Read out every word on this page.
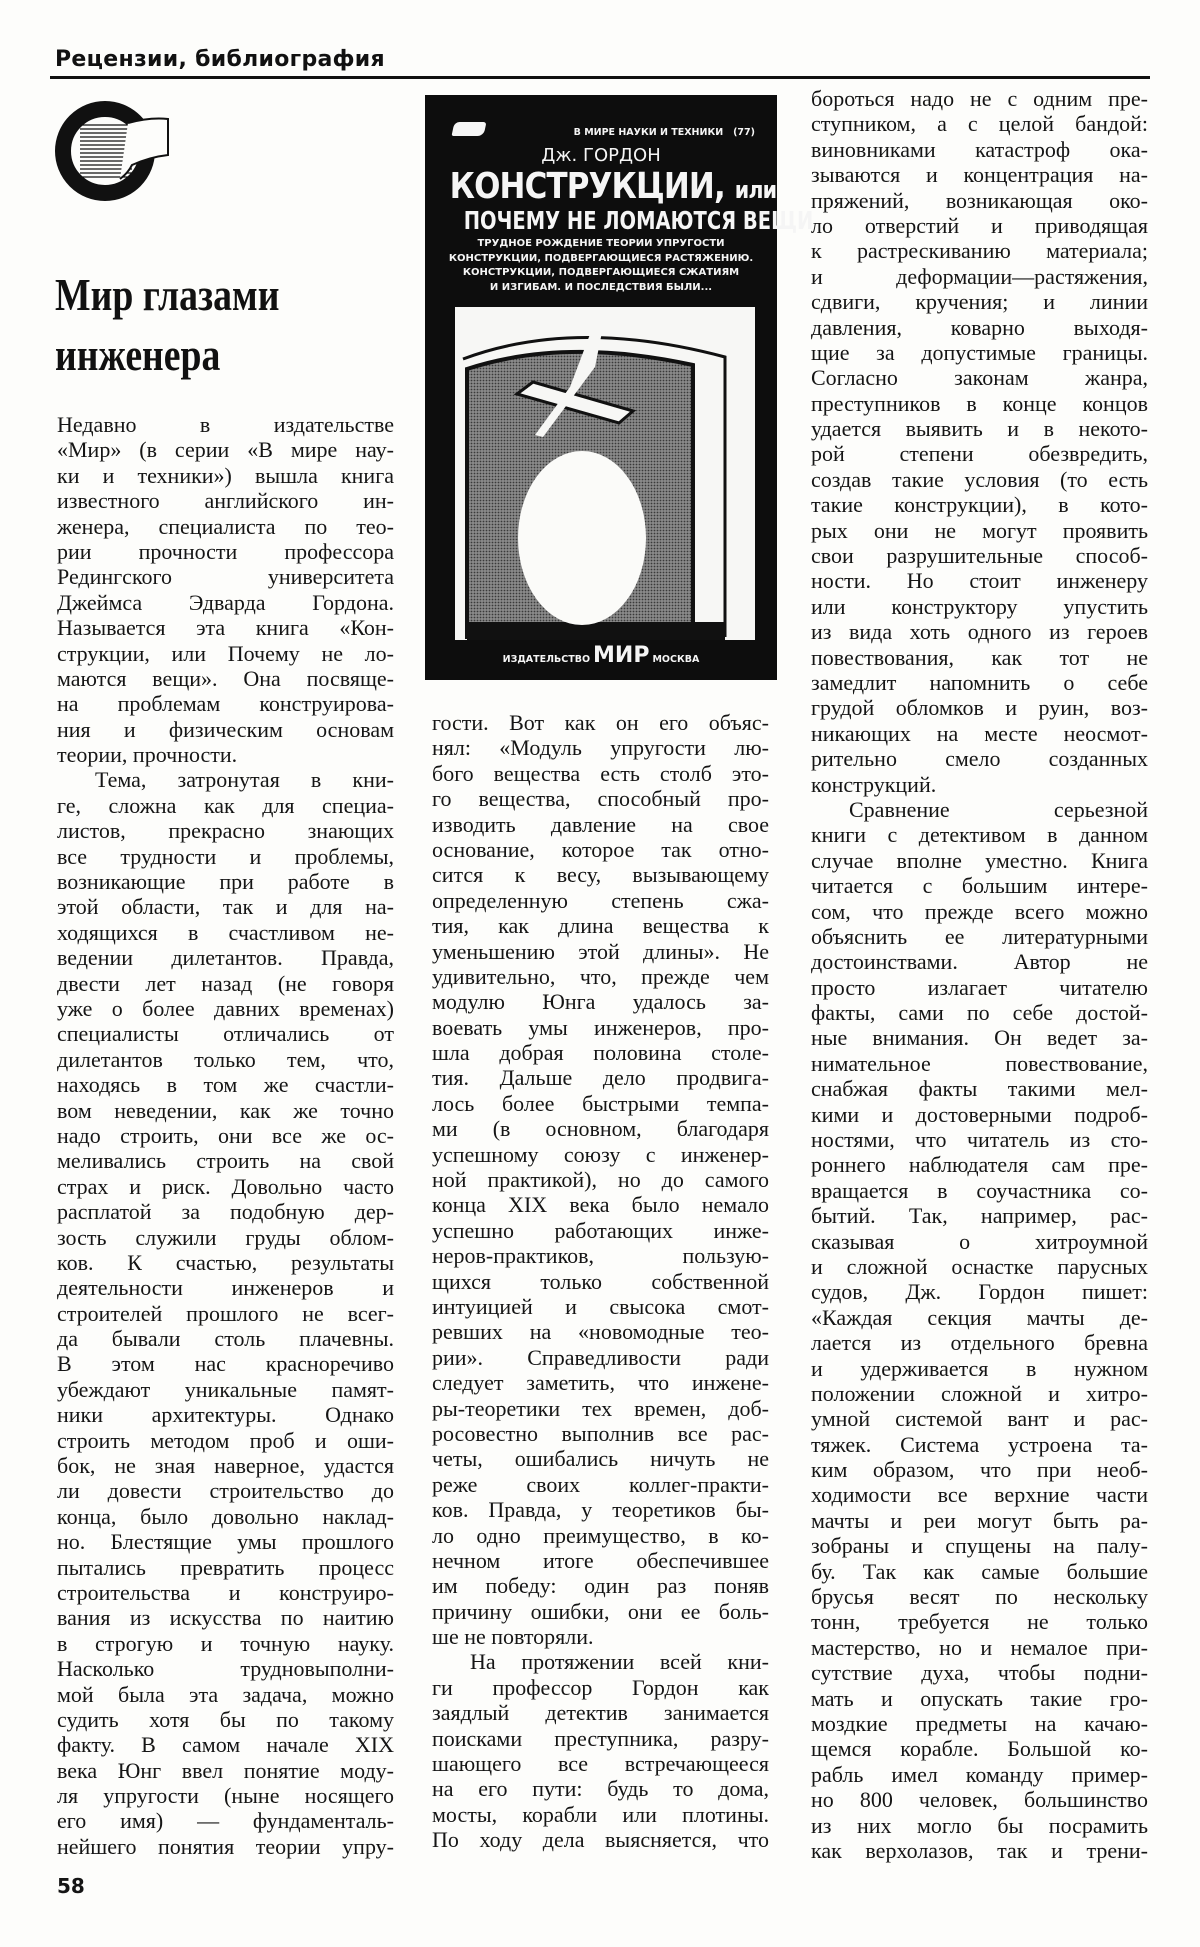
Рецензии, библиография
Мир глазами
инженера
В МИРЕ НАУКИ И ТЕХНИКИ   (77)
Дж. ГОРДОН
КОНСТРУКЦИИ, или
ПОЧЕМУ НЕ ЛОМАЮТСЯ ВЕЩИ
ТРУДНОЕ РОЖДЕНИЕ ТЕОРИИ УПРУГОСТИ
КОНСТРУКЦИИ, ПОДВЕРГАЮЩИЕСЯ РАСТЯЖЕНИЮ.
КОНСТРУКЦИИ, ПОДВЕРГАЮЩИЕСЯ СЖАТИЯМ
И ИЗГИБАМ. И ПОСЛЕДСТВИЯ БЫЛИ...
ИЗДАТЕЛЬСТВО МИР МОСКВА
Недавно в издательстве
«Мир» (в серии «В мире нау-
ки и техники») вышла книга
известного английского ин-
женера, специалиста по тео-
рии прочности профессора
Редингского университета
Джеймса Эдварда Гордона.
Называется эта книга «Кон-
струкции, или Почему не ло-
маются вещи». Она посвяще-
на проблемам конструирова-
ния и физическим основам
теории, прочности.
Тема, затронутая в кни-
ге, сложна как для специа-
листов, прекрасно знающих
все трудности и проблемы,
возникающие при работе в
этой области, так и для на-
ходящихся в счастливом не-
ведении дилетантов. Правда,
двести лет назад (не говоря
уже о более давних временах)
специалисты отличались от
дилетантов только тем, что,
находясь в том же счастли-
вом неведении, как же точно
надо строить, они все же ос-
меливались строить на свой
страх и риск. Довольно часто
расплатой за подобную дер-
зость служили груды облом-
ков. К счастью, результаты
деятельности инженеров и
строителей прошлого не всег-
да бывали столь плачевны.
В этом нас красноречиво
убеждают уникальные памят-
ники архитектуры. Однако
строить методом проб и оши-
бок, не зная наверное, удастся
ли довести строительство до
конца, было довольно наклад-
но. Блестящие умы прошлого
пытались превратить процесс
строительства и конструиро-
вания из искусства по наитию
в строгую и точную науку.
Насколько трудновыполни-
мой была эта задача, можно
судить хотя бы по такому
факту. В самом начале XIX
века Юнг ввел понятие моду-
ля упругости (ныне носящего
его имя) — фундаменталь-
нейшего понятия теории упру-
гости. Вот как он его объяс-
нял: «Модуль упругости лю-
бого вещества есть столб это-
го вещества, способный про-
изводить давление на свое
основание, которое так отно-
сится к весу, вызывающему
определенную степень сжа-
тия, как длина вещества к
уменьшению этой длины». Не
удивительно, что, прежде чем
модулю Юнга удалось за-
воевать умы инженеров, про-
шла добрая половина столе-
тия. Дальше дело продвига-
лось более быстрыми темпа-
ми (в основном, благодаря
успешному союзу с инженер-
ной практикой), но до самого
конца XIX века было немало
успешно работающих инже-
неров-практиков, пользую-
щихся только собственной
интуицией и свысока смот-
ревших на «новомодные тео-
рии». Справедливости ради
следует заметить, что инжене-
ры-теоретики тех времен, доб-
росовестно выполнив все рас-
четы, ошибались ничуть не
реже своих коллег-практи-
ков. Правда, у теоретиков бы-
ло одно преимущество, в ко-
нечном итоге обеспечившее
им победу: один раз поняв
причину ошибки, они ее боль-
ше не повторяли.
На протяжении всей кни-
ги профессор Гордон как
заядлый детектив занимается
поисками преступника, разру-
шающего все встречающееся
на его пути: будь то дома,
мосты, корабли или плотины.
По ходу дела выясняется, что
бороться надо не с одним пре-
ступником, а с целой бандой:
виновниками катастроф ока-
зываются и концентрация на-
пряжений, возникающая око-
ло отверстий и приводящая
к растрескиванию материала;
и деформации—растяжения,
сдвиги, кручения; и линии
давления, коварно выходя-
щие за допустимые границы.
Согласно законам жанра,
преступников в конце концов
удается выявить и в некото-
рой степени обезвредить,
создав такие условия (то есть
такие конструкции), в кото-
рых они не могут проявить
свои разрушительные способ-
ности. Но стоит инженеру
или конструктору упустить
из вида хоть одного из героев
повествования, как тот не
замедлит напомнить о себе
грудой обломков и руин, воз-
никающих на месте неосмот-
рительно смело созданных
конструкций.
Сравнение серьезной
книги с детективом в данном
случае вполне уместно. Книга
читается с большим интере-
сом, что прежде всего можно
объяснить ее литературными
достоинствами. Автор не
просто излагает читателю
факты, сами по себе достой-
ные внимания. Он ведет за-
нимательное повествование,
снабжая факты такими мел-
кими и достоверными подроб-
ностями, что читатель из сто-
роннего наблюдателя сам пре-
вращается в соучастника со-
бытий. Так, например, рас-
сказывая о хитроумной
и сложной оснастке парусных
судов, Дж. Гордон пишет:
«Каждая секция мачты де-
лается из отдельного бревна
и удерживается в нужном
положении сложной и хитро-
умной системой вант и рас-
тяжек. Система устроена та-
ким образом, что при необ-
ходимости все верхние части
мачты и реи могут быть ра-
зобраны и спущены на палу-
бу. Так как самые большие
брусья весят по нескольку
тонн, требуется не только
мастерство, но и немалое при-
сутствие духа, чтобы подни-
мать и опускать такие гро-
моздкие предметы на качаю-
щемся корабле. Большой ко-
рабль имел команду пример-
но 800 человек, большинство
из них могло бы посрамить
как верхолазов, так и трени-
58
